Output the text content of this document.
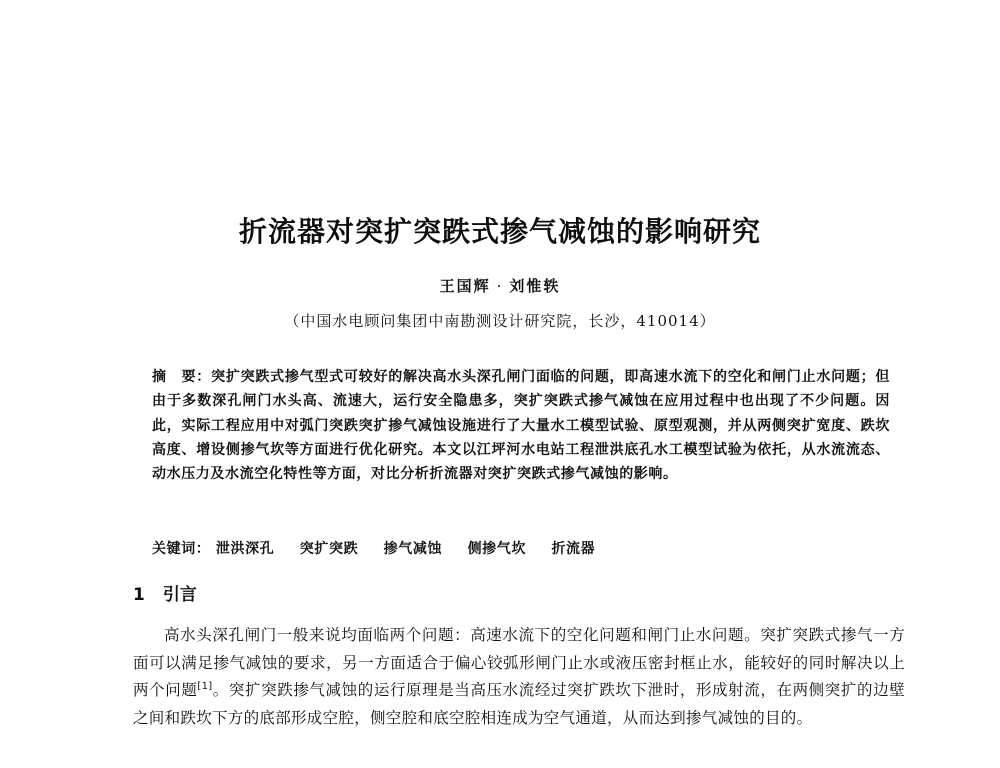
折流器对突扩突跌式掺气减蚀的影响研究
王国辉 · 刘惟轶
（中国水电顾问集团中南勘测设计研究院，长沙，410014）
摘　要：突扩突跌式掺气型式可较好的解决高水头深孔闸门面临的问题，即高速水流下的空化和闸门止水问题；但由于多数深孔闸门水头高、流速大，运行安全隐患多，突扩突跌式掺气减蚀在应用过程中也出现了不少问题。因此，实际工程应用中对弧门突跌突扩掺气减蚀设施进行了大量水工模型试验、原型观测，并从两侧突扩宽度、跌坎高度、增设侧掺气坎等方面进行优化研究。本文以江坪河水电站工程泄洪底孔水工模型试验为依托，从水流流态、动水压力及水流空化特性等方面，对比分析折流器对突扩突跌式掺气减蚀的影响。
关键词： 泄洪深孔 突扩突跌 掺气减蚀 侧掺气坎 折流器
1 引言
高水头深孔闸门一般来说均面临两个问题：高速水流下的空化问题和闸门止水问题。突扩突跌式掺气一方面可以满足掺气减蚀的要求，另一方面适合于偏心铰弧形闸门止水或液压密封框止水，能较好的同时解决以上两个问题[1]。突扩突跌掺气减蚀的运行原理是当高压水流经过突扩跌坎下泄时，形成射流，在两侧突扩的边壁之间和跌坎下方的底部形成空腔，侧空腔和底空腔相连成为空气通道，从而达到掺气减蚀的目的。
